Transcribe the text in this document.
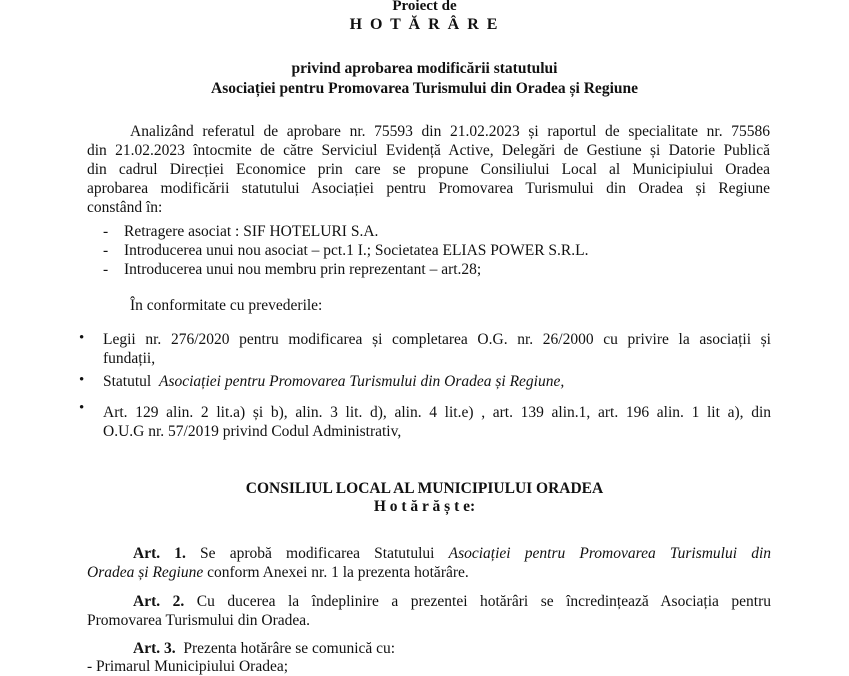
Proiect de
H O T Ă R Â R E
privind aprobarea modificării statutului
Asociației pentru Promovarea Turismului din Oradea și Regiune
Analizând referatul de aprobare nr. 75593 din 21.02.2023 și raportul de specialitate nr. 75586
din 21.02.2023 întocmite de către Serviciul Evidență Active, Delegări de Gestiune și Datorie Publică
din cadrul Direcției Economice prin care se propune Consiliului Local al Municipiului Oradea
aprobarea modificării statutului Asociației pentru Promovarea Turismului din Oradea și Regiune
constând în:
- Retragere asociat : SIF HOTELURI S.A.
- Introducerea unui nou asociat – pct.1 I.; Societatea ELIAS POWER S.R.L.
- Introducerea unui nou membru prin reprezentant – art.28;
În conformitate cu prevederile:
• Legii nr. 276/2020 pentru modificarea și completarea O.G. nr. 26/2000 cu privire la asociații și
fundații,
• Statutul Asociației pentru Promovarea Turismului din Oradea și Regiune,
• Art. 129 alin. 2 lit.a) și b), alin. 3 lit. d), alin. 4 lit.e) , art. 139 alin.1, art. 196 alin. 1 lit a), din
O.U.G nr. 57/2019 privind Codul Administrativ,
CONSILIUL LOCAL AL MUNICIPIULUI ORADEA
H o t ă r ă ș t e:
Art. 1. Se aprobă modificarea Statutului Asociației pentru Promovarea Turismului din
Oradea și Regiune conform Anexei nr. 1 la prezenta hotărâre.
Art. 2. Cu ducerea la îndeplinire a prezentei hotărâri se încredințează Asociația pentru
Promovarea Turismului din Oradea.
Art. 3. Prezenta hotărâre se comunică cu:
- Primarul Municipiului Oradea;
